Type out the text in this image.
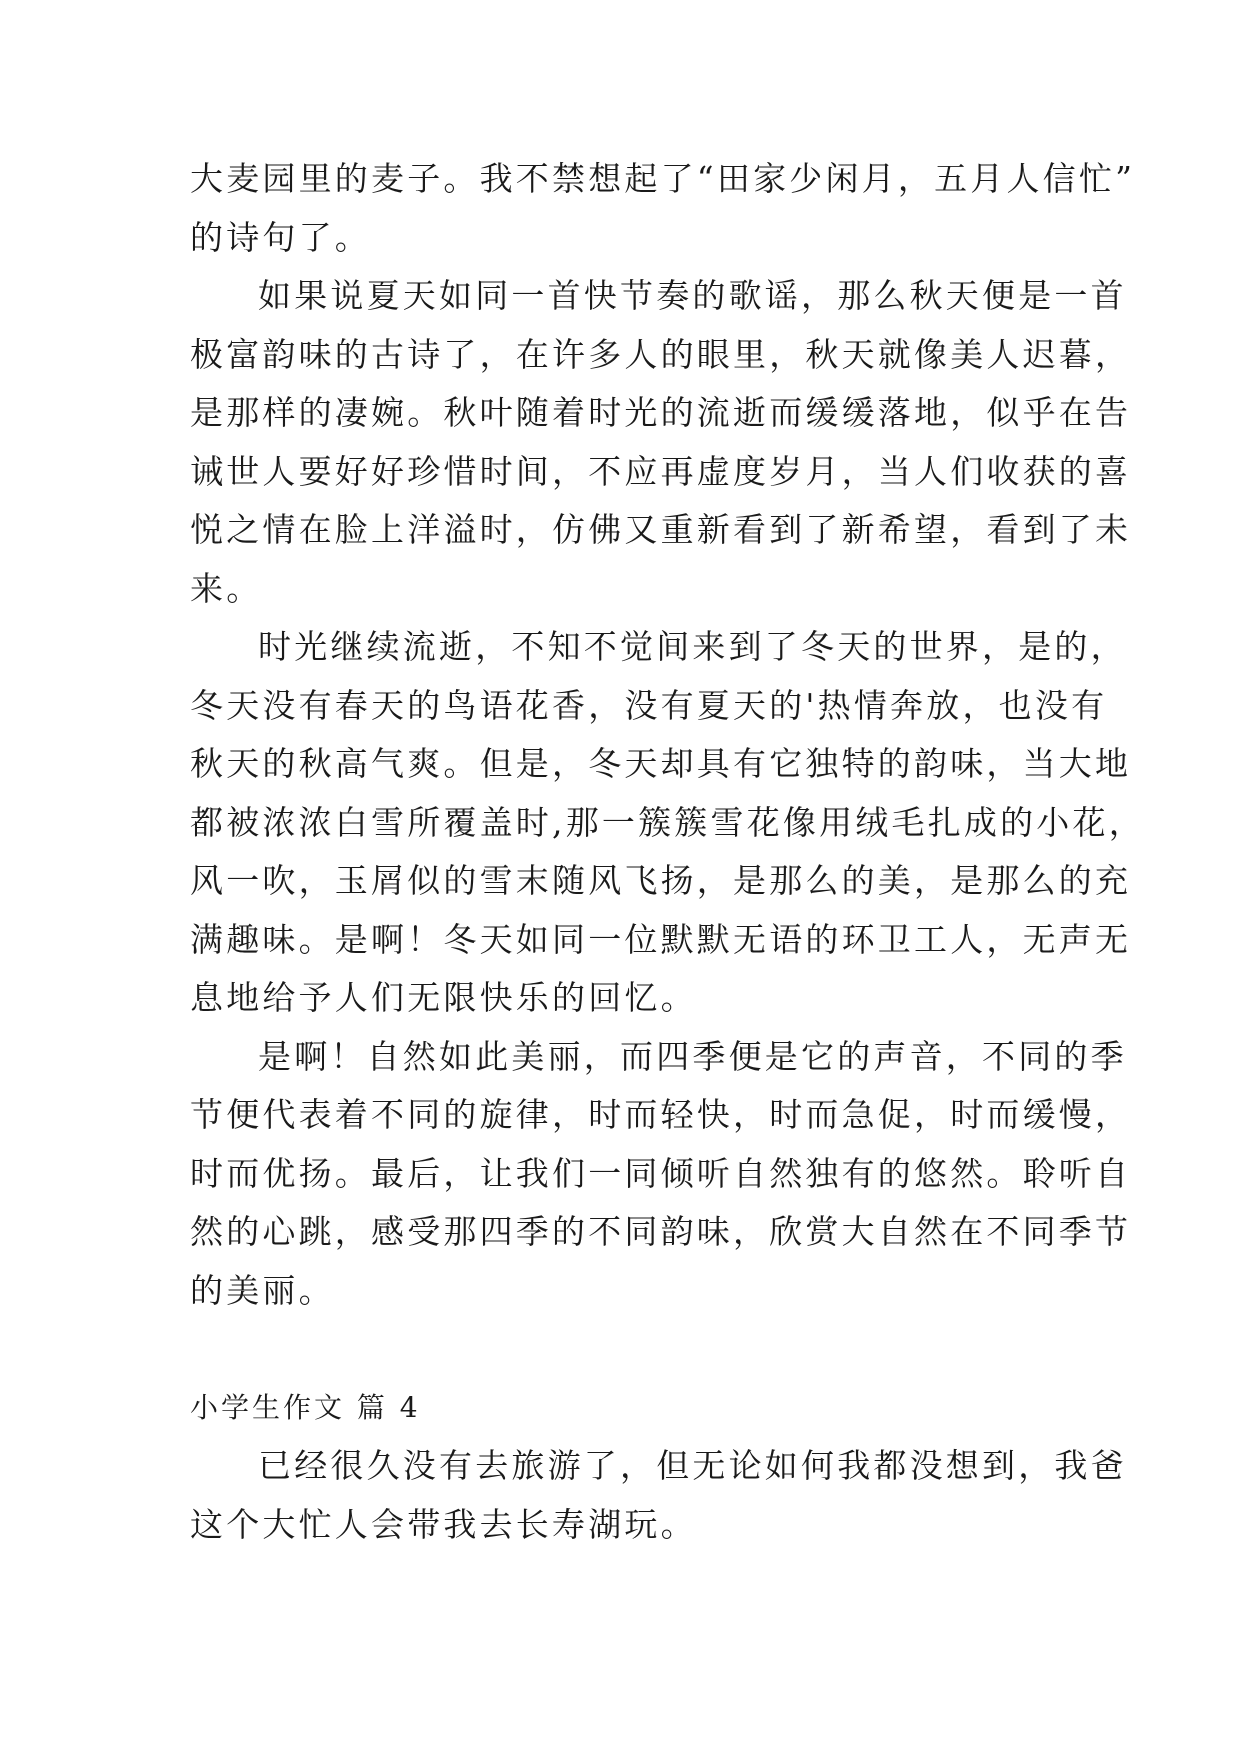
大麦园里的麦子。我不禁想起了“田家少闲月，五月人信忙”
的诗句了。
如果说夏天如同一首快节奏的歌谣，那么秋天便是一首
极富韵味的古诗了，在许多人的眼里，秋天就像美人迟暮，
是那样的凄婉。秋叶随着时光的流逝而缓缓落地，似乎在告
诫世人要好好珍惜时间，不应再虚度岁月，当人们收获的喜
悦之情在脸上洋溢时，仿佛又重新看到了新希望，看到了未
来。
时光继续流逝，不知不觉间来到了冬天的世界，是的，
冬天没有春天的鸟语花香，没有夏天的'热情奔放，也没有
秋天的秋高气爽。但是，冬天却具有它独特的韵味，当大地
都被浓浓白雪所覆盖时,那一簇簇雪花像用绒毛扎成的小花，
风一吹，玉屑似的雪末随风飞扬，是那么的美，是那么的充
满趣味。是啊！冬天如同一位默默无语的环卫工人，无声无
息地给予人们无限快乐的回忆。
是啊！自然如此美丽，而四季便是它的声音，不同的季
节便代表着不同的旋律，时而轻快，时而急促，时而缓慢，
时而优扬。最后，让我们一同倾听自然独有的悠然。聆听自
然的心跳，感受那四季的不同韵味，欣赏大自然在不同季节
的美丽。
小学生作文 篇 4
已经很久没有去旅游了，但无论如何我都没想到，我爸
这个大忙人会带我去长寿湖玩。
